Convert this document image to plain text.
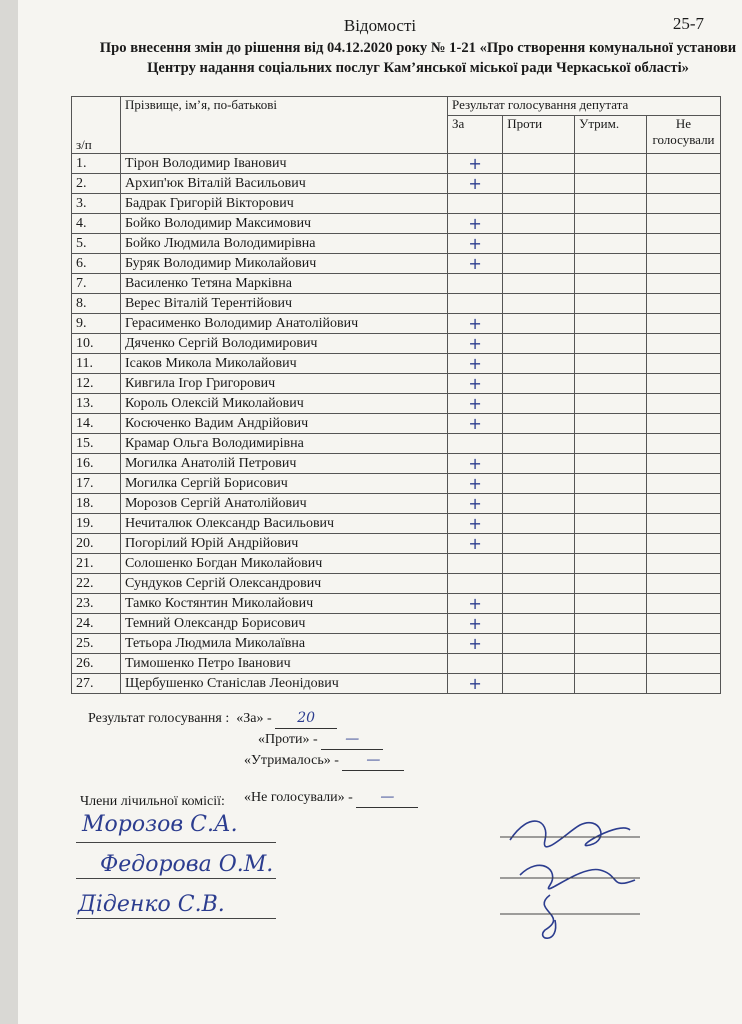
Відомості	25-7
Про внесення змін до рішення від 04.12.2020 року № 1-21 «Про створення комунальної установи Центру надання соціальних послуг Кам’янської міської ради Черкаської області»
з/п	Прізвище, ім’я, по-батькові	Результат голосування депутата			
		За	Проти	Утрим.	Не голосували
1.	Тірон Володимир Іванович	+			
2.	Архип'юк Віталій Васильович	+			
3.	Бадрак Григорій Вікторович				
4.	Бойко Володимир Максимович	+			
5.	Бойко Людмила Володимирівна	+			
6.	Буряк Володимир Миколайович	+			
7.	Василенко Тетяна Марківна				
8.	Верес Віталій Терентійович				
9.	Герасименко Володимир Анатолійович	+			
10.	Дяченко Сергій Володимирович	+			
11.	Ісаков Микола Миколайович	+			
12.	Кивгила Ігор Григорович	+			
13.	Король Олексій Миколайович	+			
14.	Косюченко Вадим Андрійович	+			
15.	Крамар Ольга Володимирівна				
16.	Могилка Анатолій Петрович	+			
17.	Могилка Сергій Борисович	+			
18.	Морозов Сергій Анатолійович	+			
19.	Нечиталюк Олександр Васильович	+			
20.	Погорілий Юрій Андрійович	+			
21.	Солошенко Богдан Миколайович				
22.	Сундуков Сергій Олександрович				
23.	Тамко Костянтин Миколайович	+			
24.	Темний Олександр Борисович	+			
25.	Тетьора Людмила Миколаївна	+			
26.	Тимошенко Петро Іванович				
27.	Щербушенко Станіслав Леонідович	+			
Результат голосування : «За» - 20
«Проти» - —
«Утрималось» - —
«Не голосували» - —
Члени лічильної комісії:
Морозов С.А.
Федорова О.М.
Діденко С.В.
